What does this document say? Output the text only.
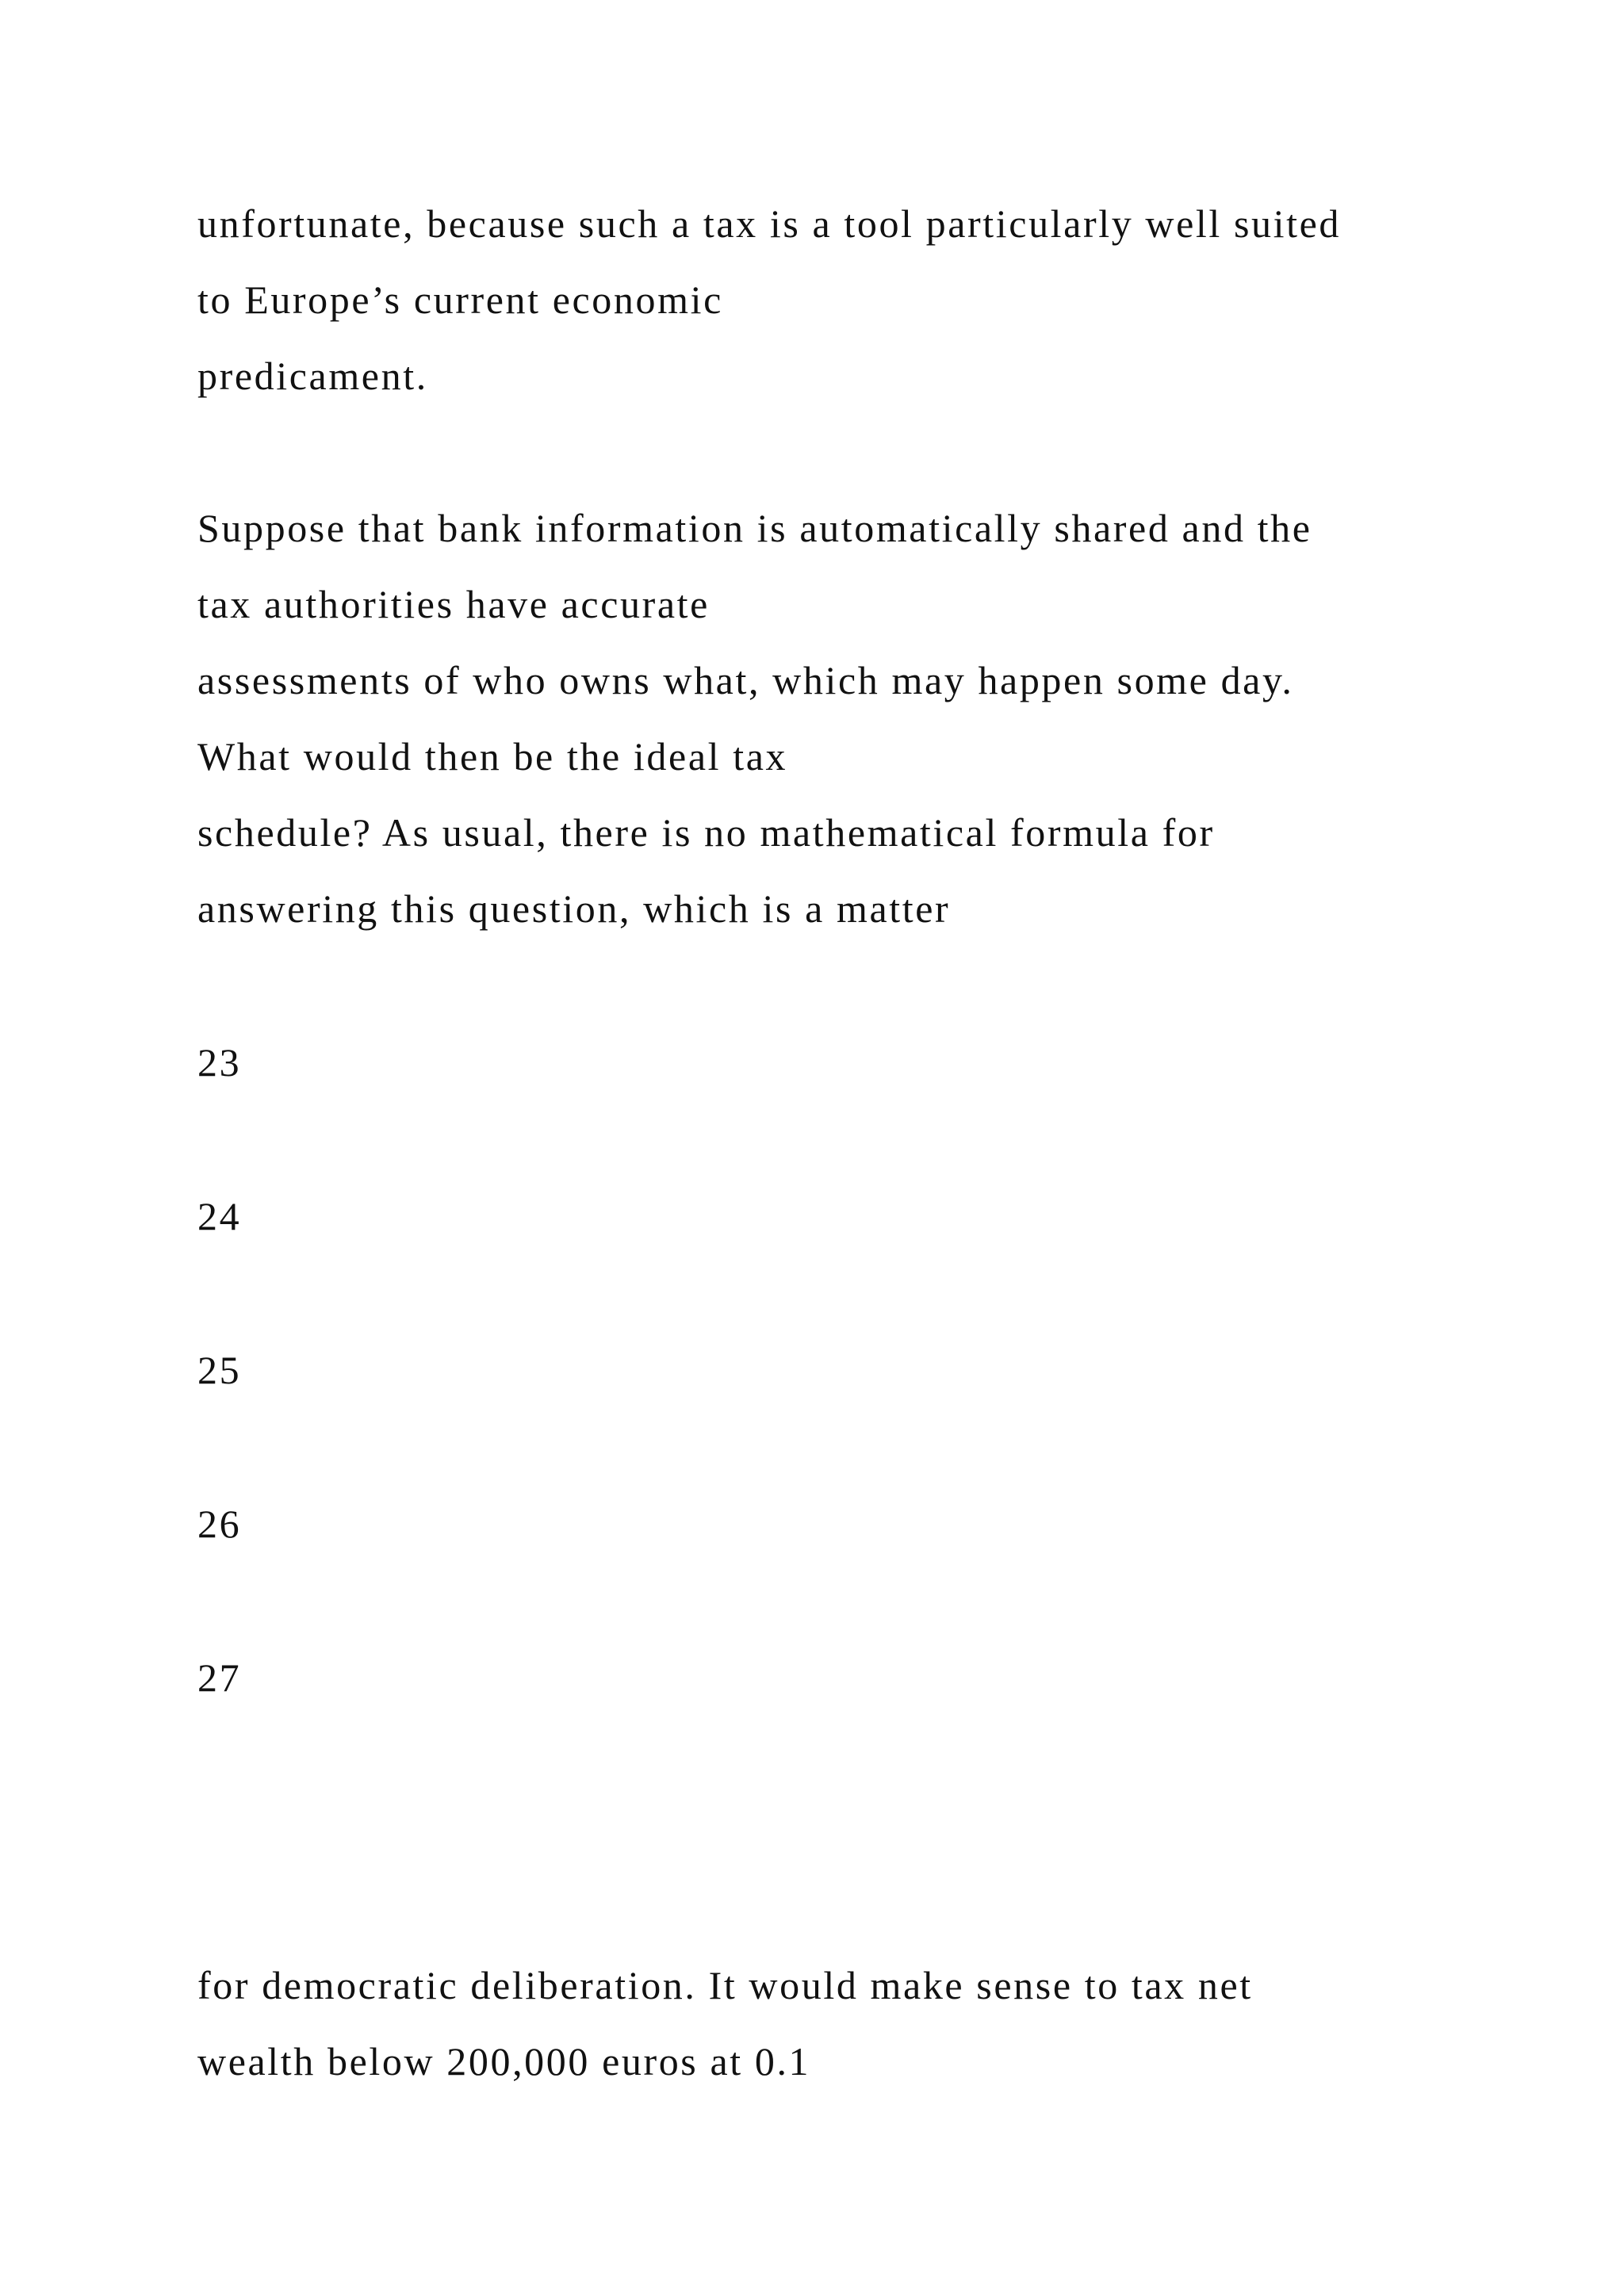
unfortunate, because such a tax is a tool particularly well suited

to Europe’s current economic

predicament.

Suppose that bank information is automatically shared and the

tax authorities have accurate

assessments of who owns what, which may happen some day.

What would then be the ideal tax

schedule? As usual, there is no mathematical formula for

answering this question, which is a matter

23

24

25

26

27

for democratic deliberation. It would make sense to tax net

wealth below 200,000 euros at 0.1
